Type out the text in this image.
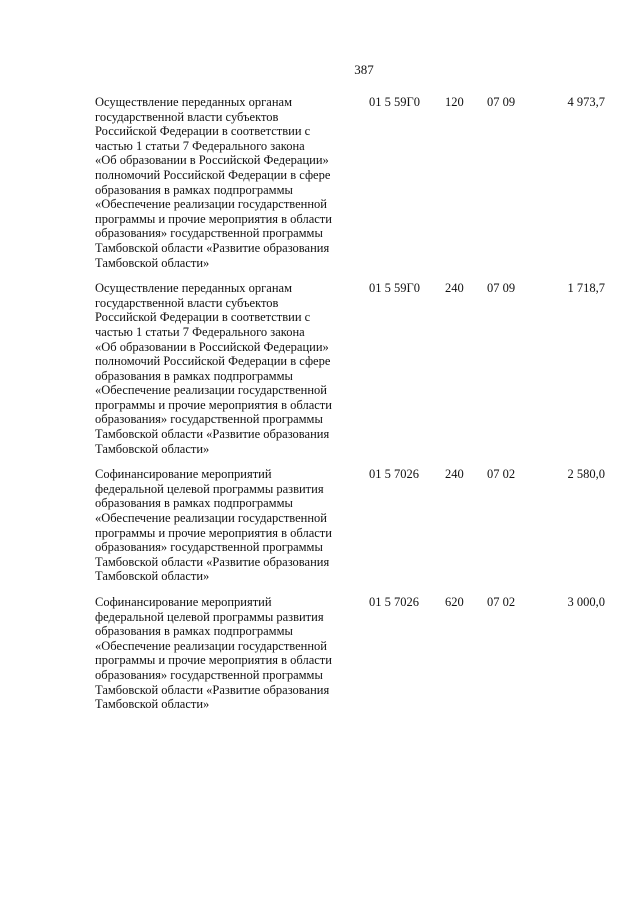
387
Осуществление переданных органам
государственной власти субъектов
Российской Федерации в соответствии с
частью 1 статьи 7 Федерального закона
«Об образовании в Российской Федерации»
полномочий Российской Федерации в сфере
образования в рамках подпрограммы
«Обеспечение реализации государственной
программы и прочие мероприятия в области
образования» государственной программы
Тамбовской области «Развитие образования
Тамбовской области»
01 5 59Г0	120	07 09	4 973,7
Осуществление переданных органам
государственной власти субъектов
Российской Федерации в соответствии с
частью 1 статьи 7 Федерального закона
«Об образовании в Российской Федерации»
полномочий Российской Федерации в сфере
образования в рамках подпрограммы
«Обеспечение реализации государственной
программы и прочие мероприятия в области
образования» государственной программы
Тамбовской области «Развитие образования
Тамбовской области»
01 5 59Г0	240	07 09	1 718,7
Софинансирование мероприятий
федеральной целевой программы развития
образования в рамках подпрограммы
«Обеспечение реализации государственной
программы и прочие мероприятия в области
образования» государственной программы
Тамбовской области «Развитие образования
Тамбовской области»
01 5 7026	240	07 02	2 580,0
Софинансирование мероприятий
федеральной целевой программы развития
образования в рамках подпрограммы
«Обеспечение реализации государственной
программы и прочие мероприятия в области
образования» государственной программы
Тамбовской области «Развитие образования
Тамбовской области»
01 5 7026	620	07 02	3 000,0
